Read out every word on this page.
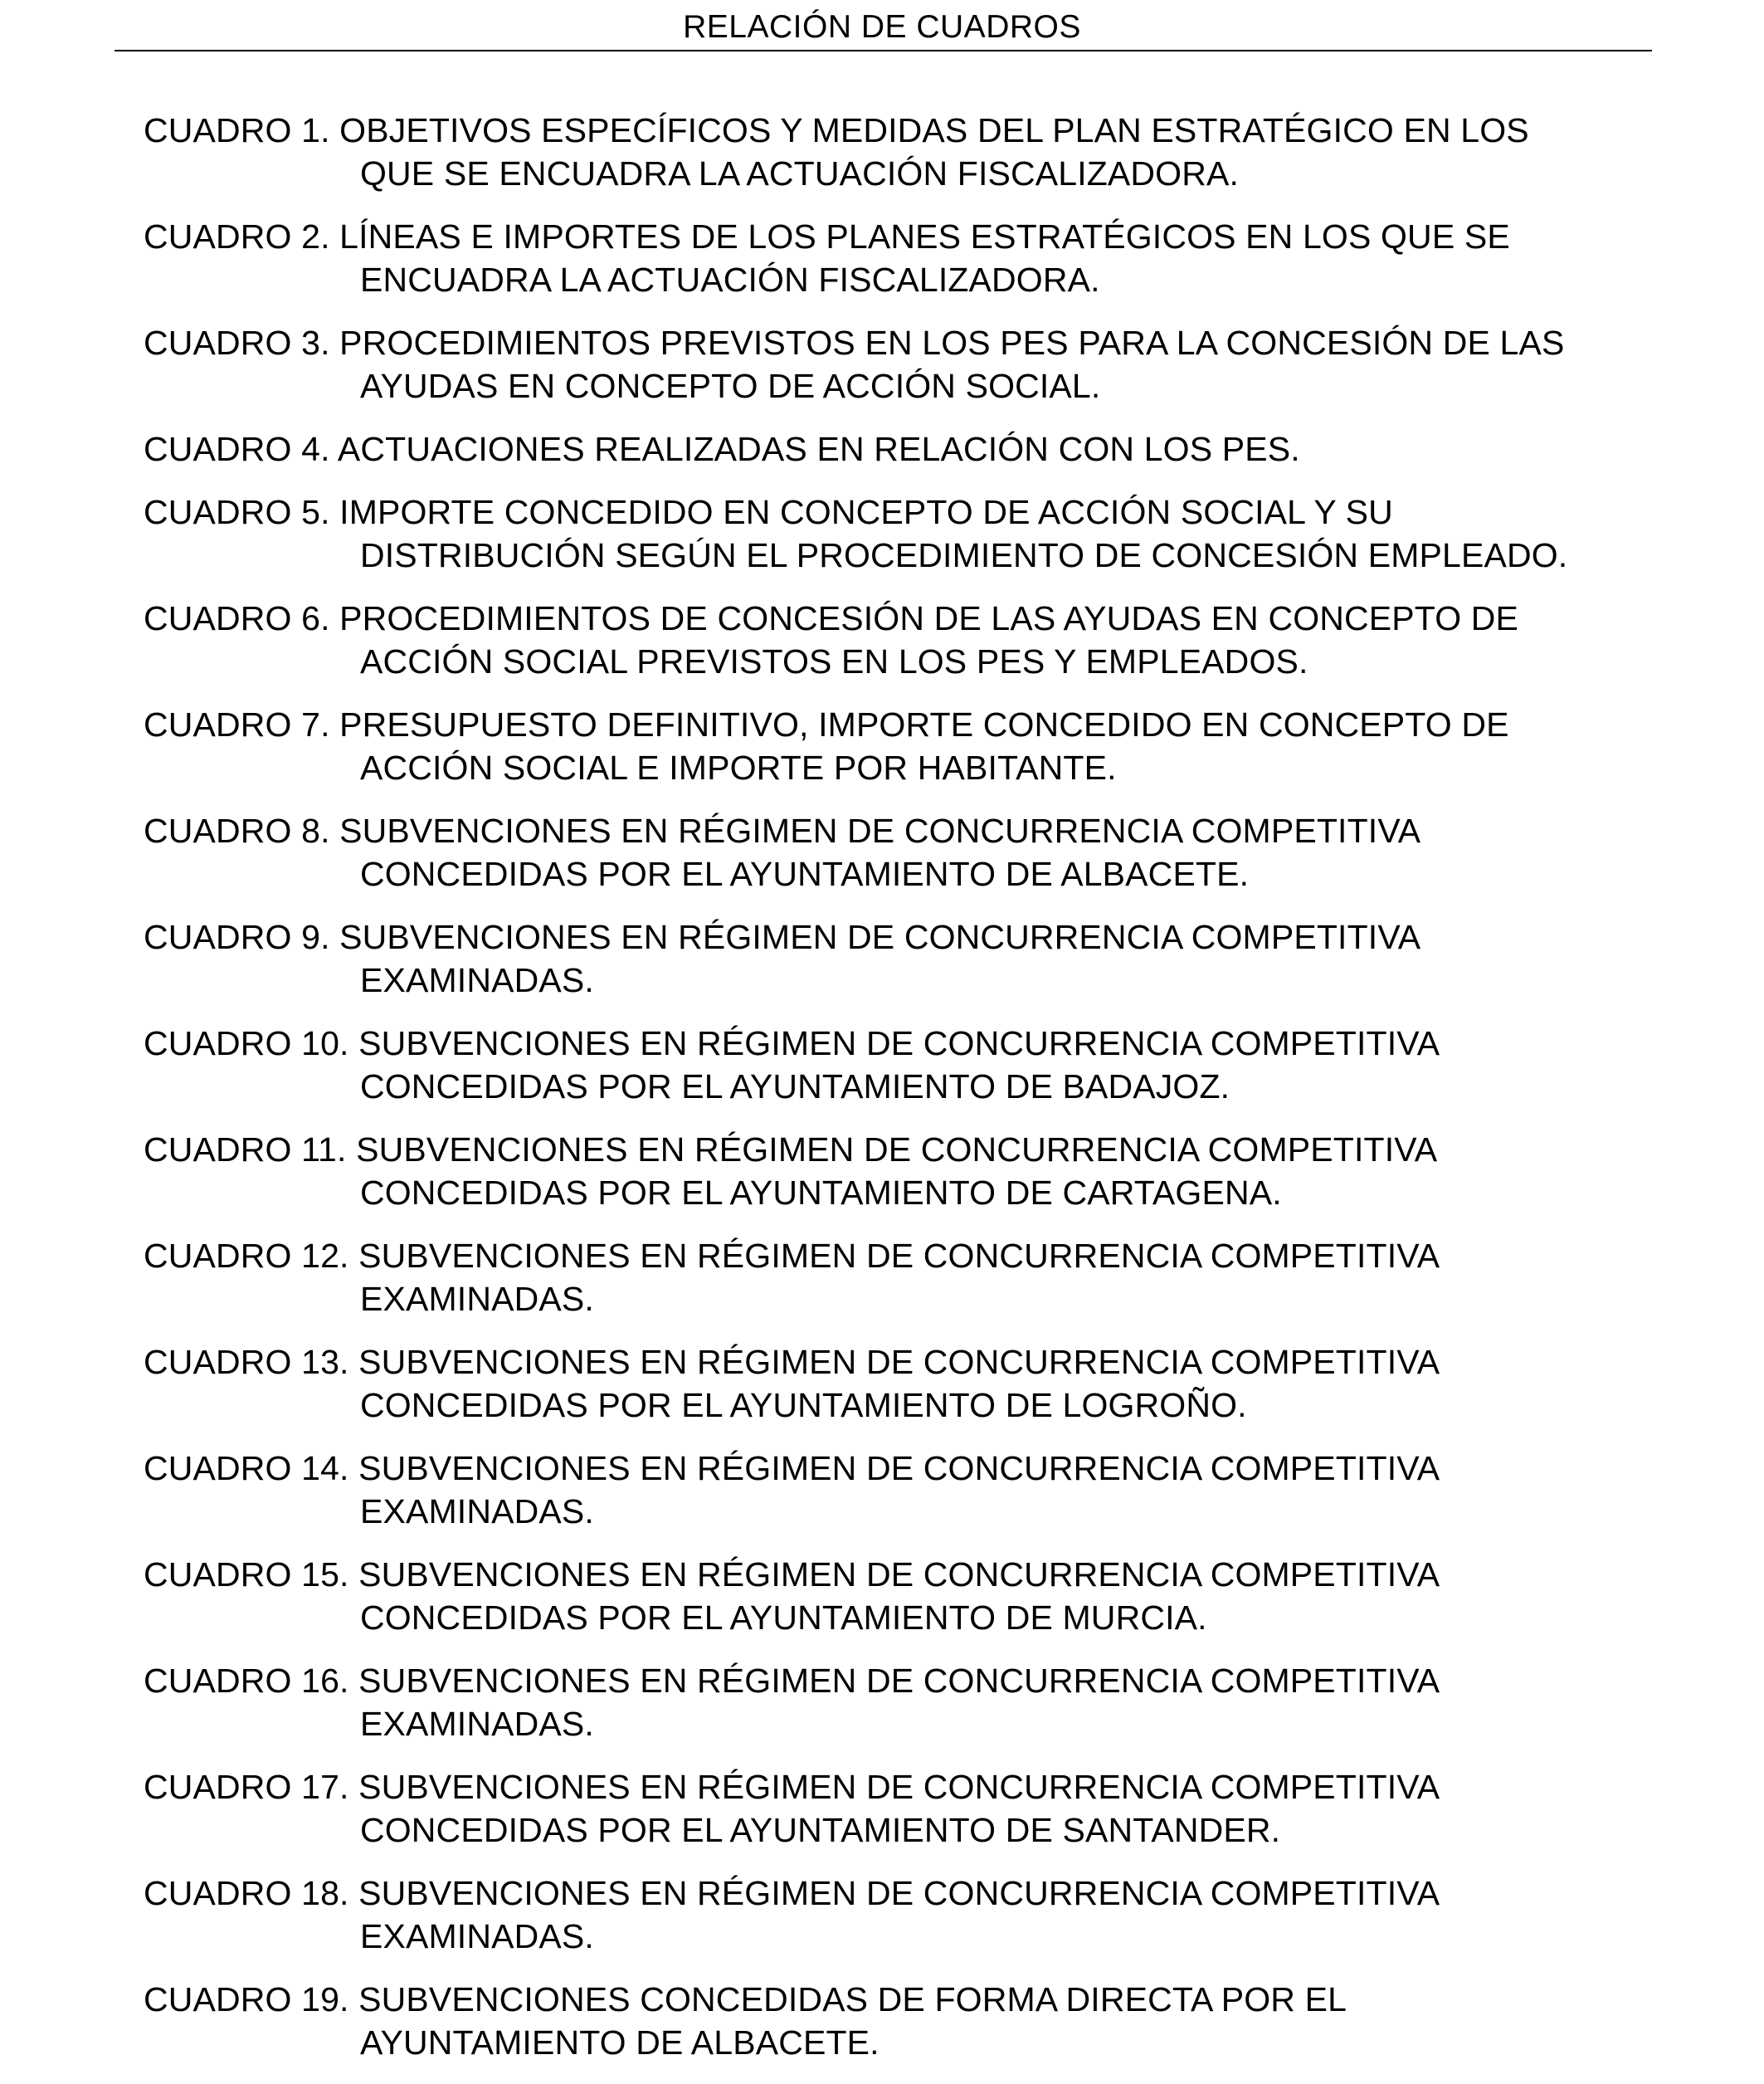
RELACIÓN DE CUADROS
CUADRO 1. OBJETIVOS ESPECÍFICOS Y MEDIDAS DEL PLAN ESTRATÉGICO EN LOS
QUE SE ENCUADRA LA ACTUACIÓN FISCALIZADORA.
CUADRO 2. LÍNEAS E IMPORTES DE LOS PLANES ESTRATÉGICOS EN LOS QUE SE
ENCUADRA LA ACTUACIÓN FISCALIZADORA.
CUADRO 3. PROCEDIMIENTOS PREVISTOS EN LOS PES PARA LA CONCESIÓN DE LAS
AYUDAS EN CONCEPTO DE ACCIÓN SOCIAL.
CUADRO 4. ACTUACIONES REALIZADAS EN RELACIÓN CON LOS PES.
CUADRO 5. IMPORTE CONCEDIDO EN CONCEPTO DE ACCIÓN SOCIAL Y SU
DISTRIBUCIÓN SEGÚN EL PROCEDIMIENTO DE CONCESIÓN EMPLEADO.
CUADRO 6. PROCEDIMIENTOS DE CONCESIÓN DE LAS AYUDAS EN CONCEPTO DE
ACCIÓN SOCIAL PREVISTOS EN LOS PES Y EMPLEADOS.
CUADRO 7. PRESUPUESTO DEFINITIVO, IMPORTE CONCEDIDO EN CONCEPTO DE
ACCIÓN SOCIAL E IMPORTE POR HABITANTE.
CUADRO 8. SUBVENCIONES EN RÉGIMEN DE CONCURRENCIA COMPETITIVA
CONCEDIDAS POR EL AYUNTAMIENTO DE ALBACETE.
CUADRO 9. SUBVENCIONES EN RÉGIMEN DE CONCURRENCIA COMPETITIVA
EXAMINADAS.
CUADRO 10. SUBVENCIONES EN RÉGIMEN DE CONCURRENCIA COMPETITIVA
CONCEDIDAS POR EL AYUNTAMIENTO DE BADAJOZ.
CUADRO 11. SUBVENCIONES EN RÉGIMEN DE CONCURRENCIA COMPETITIVA
CONCEDIDAS POR EL AYUNTAMIENTO DE CARTAGENA.
CUADRO 12. SUBVENCIONES EN RÉGIMEN DE CONCURRENCIA COMPETITIVA
EXAMINADAS.
CUADRO 13. SUBVENCIONES EN RÉGIMEN DE CONCURRENCIA COMPETITIVA
CONCEDIDAS POR EL AYUNTAMIENTO DE LOGROÑO.
CUADRO 14. SUBVENCIONES EN RÉGIMEN DE CONCURRENCIA COMPETITIVA
EXAMINADAS.
CUADRO 15. SUBVENCIONES EN RÉGIMEN DE CONCURRENCIA COMPETITIVA
CONCEDIDAS POR EL AYUNTAMIENTO DE MURCIA.
CUADRO 16. SUBVENCIONES EN RÉGIMEN DE CONCURRENCIA COMPETITIVA
EXAMINADAS.
CUADRO 17. SUBVENCIONES EN RÉGIMEN DE CONCURRENCIA COMPETITIVA
CONCEDIDAS POR EL AYUNTAMIENTO DE SANTANDER.
CUADRO 18. SUBVENCIONES EN RÉGIMEN DE CONCURRENCIA COMPETITIVA
EXAMINADAS.
CUADRO 19. SUBVENCIONES CONCEDIDAS DE FORMA DIRECTA POR EL
AYUNTAMIENTO DE ALBACETE.
